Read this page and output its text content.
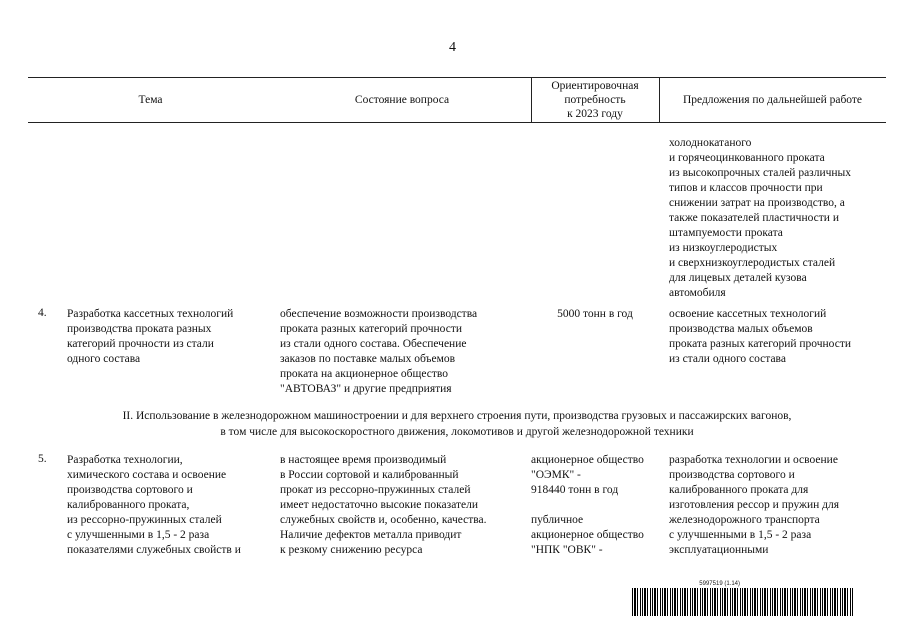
4
Тема	Состояние вопроса
Ориентировочная
потребность
к 2023 году
Предложения по дальнейшей работе
холоднокатаного
и горячеоцинкованного проката
из высокопрочных сталей различных
типов и классов прочности при
снижении затрат на производство, а
также показателей пластичности и
штампуемости проката
из низкоуглеродистых
и сверхнизкоуглеродистых сталей
для лицевых деталей кузова
автомобиля
4. Разработка кассетных технологий
производства проката разных
категорий прочности из стали
одного состава
обеспечение возможности производства
проката разных категорий прочности
из стали одного состава. Обеспечение
заказов по поставке малых объемов
проката на акционерное общество
"АВТОВАЗ" и другие предприятия
5000 тонн в год	освоение кассетных технологий
производства малых объемов
проката разных категорий прочности
из стали одного состава
II. Использование в железнодорожном машиностроении и для верхнего строения пути, производства грузовых и пассажирских вагонов,
в том числе для высокоскоростного движения, локомотивов и другой железнодорожной техники
5. Разработка технологии,
химического состава и освоение
производства сортового и
калиброванного проката,
из рессорно-пружинных сталей
с улучшенными в 1,5 - 2 раза
показателями служебных свойств и
в настоящее время производимый
в России сортовой и калиброванный
прокат из рессорно-пружинных сталей
имеет недостаточно высокие показатели
служебных свойств и, особенно, качества.
Наличие дефектов металла приводит
к резкому снижению ресурса
акционерное общество
"ОЭМК" -
918440 тонн в год

публичное
акционерное общество
"НПК "ОВК" -
разработка технологии и освоение
производства сортового и
калиброванного проката для
изготовления рессор и пружин для
железнодорожного транспорта
с улучшенными в 1,5 - 2 раза
эксплуатационными
5997519 (1.14)
